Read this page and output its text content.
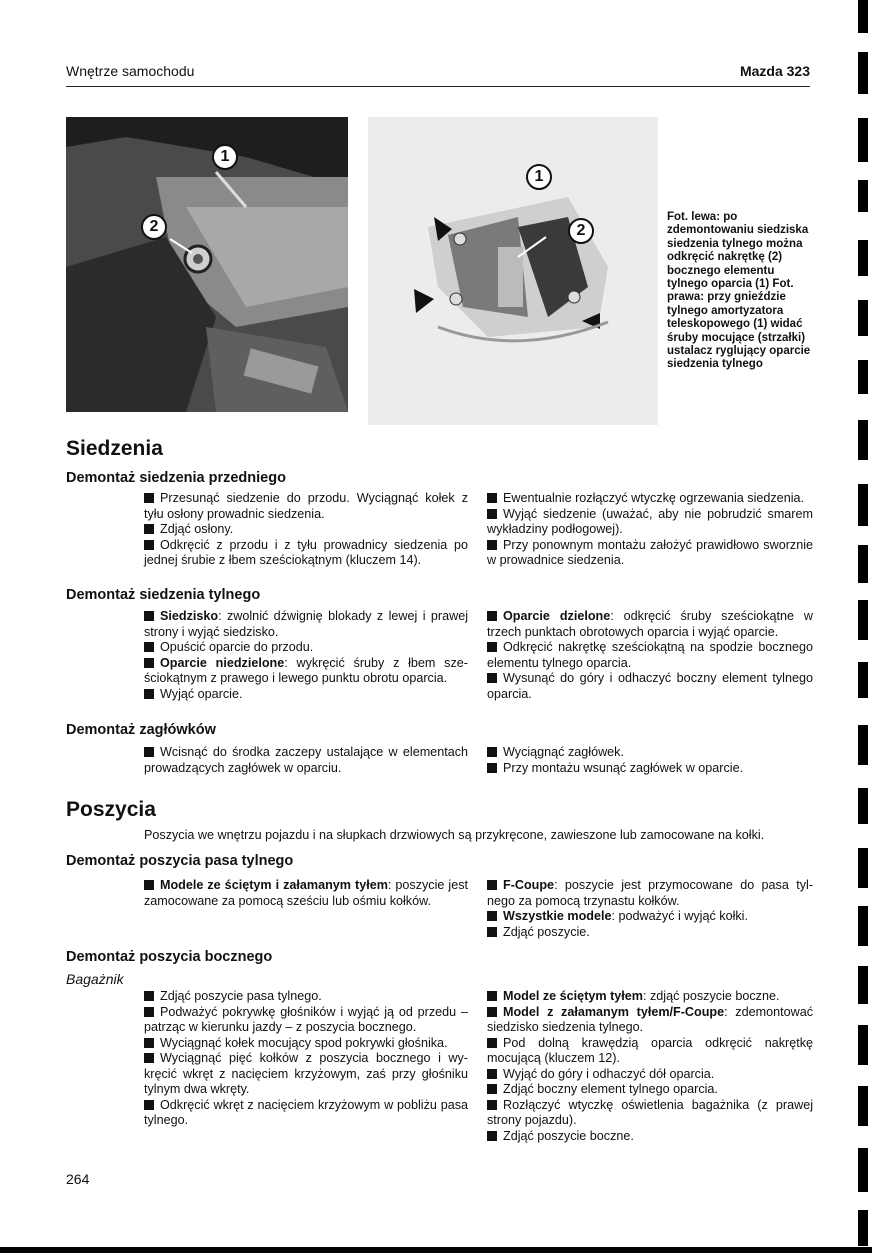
Wnętrze samochodu	Mazda 323
1
2
1
2
Fot. lewa: po zdemontowaniu siedziska siedzenia tylnego można odkręcić nakrętkę (2) bocznego elementu tylnego oparcia (1) Fot. prawa: przy gnieździe tylnego amortyzatora teleskopowego (1) widać śruby mocujące (strzałki) ustalacz ryglujący oparcie siedzenia tylnego
Siedzenia
Demontaż siedzenia przedniego

Przesunąć siedzenie do przodu. Wyciągnąć kołek z tyłu osłony prowadnic siedzenia.

Zdjąć osłony.

Odkręcić z przodu i z tyłu prowadnicy siedzenia po jednej śrubie z łbem sześciokątnym (kluczem 14).

Ewentualnie rozłączyć wtyczkę ogrzewania siedzenia.

Wyjąć siedzenie (uważać, aby nie pobrudzić smarem wykładziny podłogowej).

Przy ponownym montażu założyć prawidłowo sworznie w prowadnice siedzenia.

Demontaż siedzenia tylnego

Siedzisko: zwolnić dźwignię blokady z lewej i prawej strony i wyjąć siedzisko.

Opuścić oparcie do przodu.

Oparcie niedzielone: wykręcić śruby z łbem sześciokątnym z prawego i lewego punktu obrotu oparcia.

Wyjąć oparcie.

Oparcie dzielone: odkręcić śruby sześciokątne w trzech punktach obrotowych oparcia i wyjąć oparcie.

Odkręcić nakrętkę sześciokątną na spodzie bocznego elementu tylnego oparcia.

Wysunąć do góry i odhaczyć boczny element tylnego oparcia.

Demontaż zagłówków

Wcisnąć do środka zaczepy ustalające w elementach prowadzących zagłówek w oparciu.

Wyciągnąć zagłówek.

Przy montażu wsunąć zagłówek w oparcie.

Poszycia
Poszycia we wnętrzu pojazdu i na słupkach drzwiowych są przykręcone, zawieszone lub zamocowane na kołki.
Demontaż poszycia pasa tylnego

Modele ze ściętym i załamanym tyłem: poszycie jest zamocowane za pomocą sześciu lub ośmiu kołków.

F-Coupe: poszycie jest przymocowane do pasa tylnego za pomocą trzynastu kołków.

Wszystkie modele: podważyć i wyjąć kołki.

Zdjąć poszycie.

Demontaż poszycia bocznego
Bagażnik

Zdjąć poszycie pasa tylnego.

Podważyć pokrywkę głośników i wyjąć ją od przedu – patrząc w kierunku jazdy – z poszycia bocznego.

Wyciągnąć kołek mocujący spod pokrywki głośnika.

Wyciągnąć pięć kołków z poszycia bocznego i wykręcić wkręt z nacięciem krzyżowym, zaś przy głośniku tylnym dwa wkręty.

Odkręcić wkręt z nacięciem krzyżowym w pobliżu pasa tylnego.

Model ze ściętym tyłem: zdjąć poszycie boczne.

Model z załamanym tyłem/F-Coupe: zdemontować siedzisko siedzenia tylnego.

Pod dolną krawędzią oparcia odkręcić nakrętkę mocującą (kluczem 12).

Wyjąć do góry i odhaczyć dół oparcia.

Zdjąć boczny element tylnego oparcia.

Rozłączyć wtyczkę oświetlenia bagażnika (z prawej strony pojazdu).

Zdjąć poszycie boczne.

264
